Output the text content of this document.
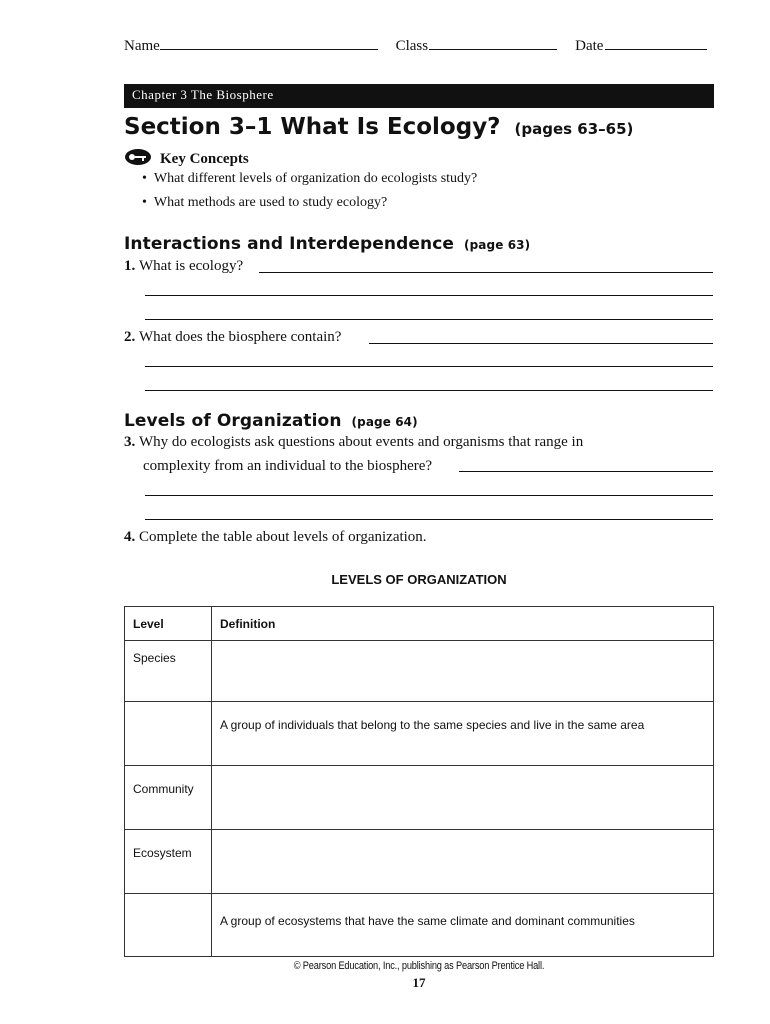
Name	Class 	Date 
Chapter 3 The Biosphere
Section 3–1 What Is Ecology? (pages 63–65)
Key Concepts
•  What different levels of organization do ecologists study?
•  What methods are used to study ecology?
Interactions and Interdependence (page 63)
1. What is ecology?
2. What does the biosphere contain?
Levels of Organization (page 64)
3. Why do ecologists ask questions about events and organisms that range in
complexity from an individual to the biosphere?
4. Complete the table about levels of organization.
LEVELS OF ORGANIZATION
Level	Definition

Species	

	A group of individuals that belong to the same species and live in the same area

Community	

Ecosystem	

	A group of ecosystems that have the same climate and dominant communities
© Pearson Education, Inc., publishing as Pearson Prentice Hall.
17
